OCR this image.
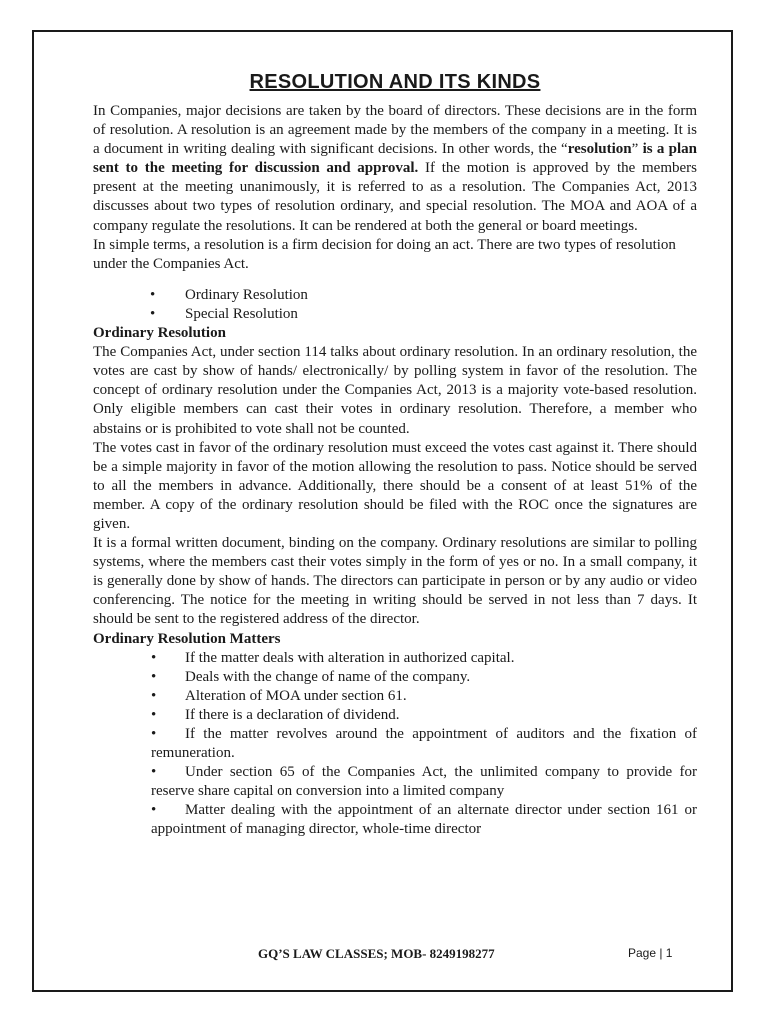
RESOLUTION AND ITS KINDS

In Companies, major decisions are taken by the board of directors. These decisions are in the form of resolution. A resolution is an agreement made by the members of the company in a meeting. It is a document in writing dealing with significant decisions. In other words, the “resolution” is a plan sent to the meeting for discussion and approval. If the motion is approved by the members present at the meeting unanimously, it is referred to as a resolution. The Companies Act, 2013 discusses about two types of resolution ordinary, and special resolution. The MOA and AOA of a company regulate the resolutions. It can be rendered at both the general or board meetings.

In simple terms, a resolution is a firm decision for doing an act. There are two types of resolution under the Companies Act.

• Ordinary Resolution
• Special Resolution

Ordinary Resolution

The Companies Act, under section 114 talks about ordinary resolution. In an ordinary resolution, the votes are cast by show of hands/ electronically/ by polling system in favor of the resolution. The concept of ordinary resolution under the Companies Act, 2013 is a majority vote-based resolution. Only eligible members can cast their votes in ordinary resolution. Therefore, a member who abstains or is prohibited to vote shall not be counted.

The votes cast in favor of the ordinary resolution must exceed the votes cast against it. There should be a simple majority in favor of the motion allowing the resolution to pass. Notice should be served to all the members in advance. Additionally, there should be a consent of at least 51% of the member. A copy of the ordinary resolution should be filed with the ROC once the signatures are given.

It is a formal written document, binding on the company. Ordinary resolutions are similar to polling systems, where the members cast their votes simply in the form of yes or no. In a small company, it is generally done by show of hands. The directors can participate in person or by any audio or video conferencing. The notice for the meeting in writing should be served in not less than 7 days. It should be sent to the registered address of the director.

Ordinary Resolution Matters

•	If the matter deals with alteration in authorized capital.
•	Deals with the change of name of the company.
•	Alteration of MOA under section 61.
•	If there is a declaration of dividend.
•	If the matter revolves around the appointment of auditors and the fixation of remuneration.
•	Under section 65 of the Companies Act, the unlimited company to provide for reserve share capital on conversion into a limited company
•	Matter dealing with the appointment of an alternate director under section 161 or appointment of managing director, whole-time director
GQ’S LAW CLASSES; MOB- 8249198277	Page | 1
